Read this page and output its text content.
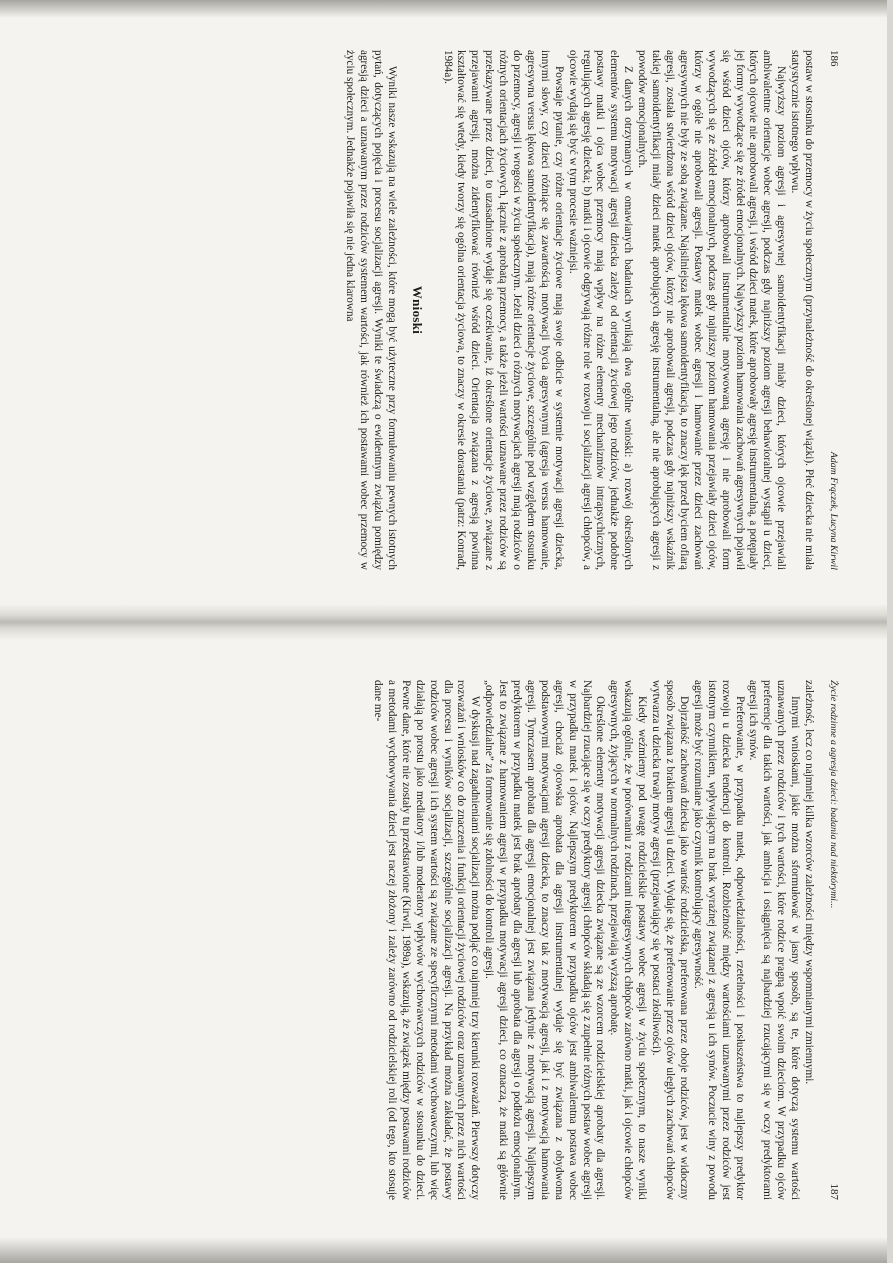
186
Adam Frączek, Lucyna Kirwil

postaw w stosunku do przemocy w życiu społecznym (przynależność do określonej wiązki). Płeć dziecka nie miała statystycznie istotnego wpływu.

Najwyższy poziom agresji i agresywnej samoidentyfikacji miały dzieci, których ojcowie przejawiali ambiwalentne orientacje wobec agresji, podczas gdy najniższy poziom agresji behawioralnej wystąpił u dzieci, których ojcowie nie aprobowali agresji, i wśród dzieci matek, które aprobowały agresję instrumentalną, a potępiały jej formy wywodzące się ze źródeł emocjonalnych. Najwyższy poziom hamowania zachowań agresywnych pojawił się wśród dzieci ojców, którzy aprobowali instrumentalnie motywowaną agresję i nie aprobowali form wywodzących się ze źródeł emocjonalnych, podczas gdy najniższy poziom hamowania przejawiały dzieci ojców, którzy w ogóle nie aprobowali agresji. Postawy matek wobec agresji i hamowanie przez dzieci zachowań agresywnych nie były ze sobą związane. Najsilniejsza lękowa samoidentyfikacja, to znaczy lęk przed byciem ofiarą agresji, została stwierdzona wśród dzieci ojców, którzy nie aprobowali agresji, podczas gdy najniższy wskaźnik takiej samoidentyfikacji miały dzieci matek aprobujących agresję instrumentalną, ale nie aprobujących agresji z powodów emocjonalnych.

Z danych otrzymanych w omawianych badaniach wynikają dwa ogólne wnioski: a) rozwój określonych elementów systemu motywacji agresji dziecka zależy od orientacji życiowej jego rodziców, jednakże podobne postawy matki i ojca wobec przemocy mają wpływ na różne elementy mechanizmów intrapsychicznych, regulujących agresję dziecka; b) matki i ojcowie odgrywają różne role w rozwoju i socjalizacji agresji chłopców, a ojcowie wydają się być w tym procesie ważniejsi.

Powstaje pytanie, czy różne orientacje życiowe mają swoje odbicie w systemie motywacji agresji dziecka, innymi słowy, czy dzieci różniące się zawartością motywacji bycia agresywnymi (agresja versus hamowanie, agresywna versus lękowa samoidentyfikacja), mają różne orientacje życiowe, szczególnie pod względem stosunku do przemocy, agresji i wrogości w życiu społecznym. Jeżeli dzieci o różnych motywacjach agresji mają rodziców o różnych orientacjach życiowych, łącznie z aprobatą przemocy, a także jeżeli wartości uznawane przez rodziców są przekazywane przez dzieci, to uzasadnione wydaje się oczekiwanie, iż określone orientacje życiowe, związane z przejawami agresji, można zidentyfikować również wśród dzieci. Orientacja związana z agresją powinna kształtować się wtedy, kiedy tworzy się ogólna orientacja życiowa, to znaczy w okresie dorastania (patrz: Konradt, 1984a).

Wnioski

Wyniki nasze wskazują na wiele zależności, które mogą być użyteczne przy formułowaniu pewnych istotnych pytań, dotyczących pojęcia i procesu socjalizacji agresji. Wyniki te świadczą o ewidentnym związku pomiędzy agresją dzieci a uznawanym przez rodziców systemem wartości, jak również ich postawami wobec przemocy w życiu społecznym. Jednakże pojawiła się nie jedna klarowna

Życie rodzinne a agresja dzieci: badania nad niektórymi...
187

zależność, lecz co najmniej kilka wzorców zależności między wspomnianymi zmiennymi.

Innymi wnioskami, jakie można sformułować w jasny sposób, są te, które dotyczą systemu wartości uznawanych przez rodziców i tych wartości, które rodzice pragną wpoić swoim dzieciom. W przypadku ojców preferencje dla takich wartości, jak ambicja i osiągnięcia są najbardziej rzucającymi się w oczy predyktorami agresji ich synów.

Preferowanie, w przypadku matek, odpowiedzialności, rzetelności i posłuszeństwa to najlepszy predyktor rozwoju u dziecka tendencji do kontroli. Rozbieżność między wartościami uznawanymi przez rodziców jest istotnym czynnikiem, wpływającym na brak wyraźnej związanej z agresją u ich synów. Poczucie winy z powodu agresji może być rozumiane jako czynnik kontrolujący agresywność.

Dojrzałość zachowań dziecka jako wartość rodzicielska, preferowana przez oboje rodziców, jest w widoczny sposób związana z brakiem agresji u dzieci. Wydaje się, że preferowanie przez ojców uległych zachowań chłopców wytwarza u dziecka trwały motyw agresji (przejawiający się w postaci złośliwości).

Kiedy weźmiemy pod uwagę rodzicielskie postawy wobec agresji w życiu społecznym, to nasze wyniki wskazują ogólnie, że w porównaniu z rodzicami nieagresywnych chłopców zarówno matki, jak i ojcowie chłopców agresywnych, żyjących w normalnych rodzinach, przejawiają wyższą aprobatę.

Określone elementy motywacji agresji dziecka związane są ze wzorcem rodzicielskiej aprobaty dla agresji. Najbardziej rzucające się w oczy predyktory agresji chłopców składają się z zupełnie różnych postaw wobec agresji w przypadku matek i ojców. Najlepszym predyktorem w przypadku ojców jest ambiwalentna postawa wobec agresji, chociaż ojcowska aprobata dla agresji instrumentalnej wydaje się być związana z obydwoma podstawowymi motywacjami agresji dziecka, to znaczy tak z motywacją agresji, jak i z motywacją hamowania agresji. Tymczasem aprobata dla agresji emocjonalnej jest związana jedynie z motywacją agresji. Najlepszym predyktorem w przypadku matek jest brak aprobaty dla agresji lub aprobata dla agresji o podłożu emocjonalnym. Jest to związane z hamowaniem agresji w przypadku motywacji agresji dzieci, co oznacza, że matki są głównie „odpowiedzialne” za formowanie się zdolności do kontroli agresji.

W dyskusji nad zagadnieniami socjalizacji można podjąć co najmniej trzy kierunki rozważań. Pierwszy dotyczy rozważań i wniosków co do znaczenia i funkcji orientacji życiowej rodziców oraz uznawanych przez nich wartości dla procesu i wyników socjalizacji, szczególnie socjalizacji agresji. Na przykład można zakładać, że postawy rodziców wobec agresji i ich system wartości są związane ze specyficznymi metodami wychowawczymi, lub więc działają po prostu jako mediatory i/lub moderatory wpływów wychowawczych rodziców w stosunku do dzieci. Pewne dane, które nie zostały tu przedstawione (Kirwil, 1989a), wskazują, że związek między postawami rodziców a metodami wychowywania dzieci jest raczej złożony i zależy zarówno od rodzicielskiej roli (od tego, kto stosuje dane me-
